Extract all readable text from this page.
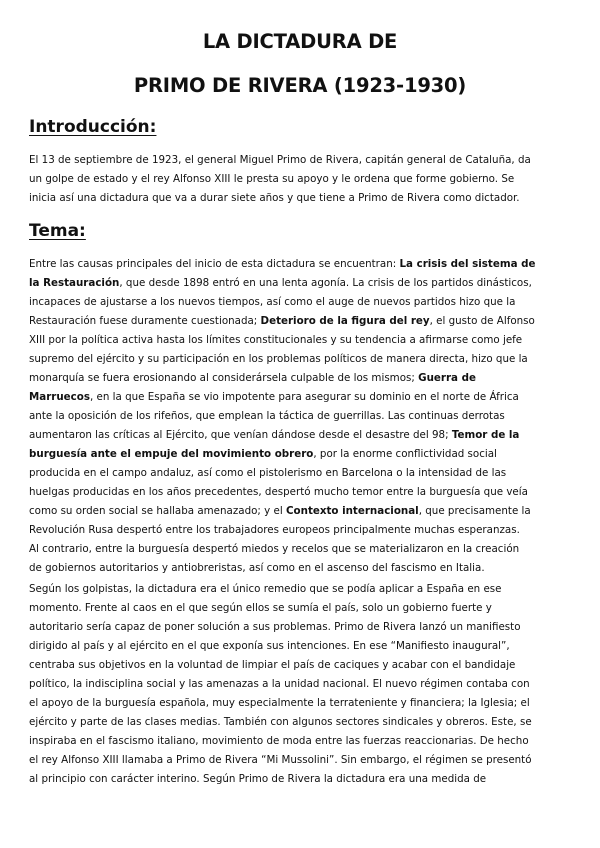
LA DICTADURA DE
PRIMO DE RIVERA (1923-1930)
Introducción:

El 13 de septiembre de 1923, el general Miguel Primo de Rivera, capitán general de Cataluña, da
un golpe de estado y el rey Alfonso XIII le presta su apoyo y le ordena que forme gobierno. Se
inicia así una dictadura que va a durar siete años y que tiene a Primo de Rivera como dictador.

Tema:

Entre las causas principales del inicio de esta dictadura se encuentran: La crisis del sistema de
la Restauración, que desde 1898 entró en una lenta agonía. La crisis de los partidos dinásticos,
incapaces de ajustarse a los nuevos tiempos, así como el auge de nuevos partidos hizo que la
Restauración fuese duramente cuestionada; Deterioro de la figura del rey, el gusto de Alfonso
XIII por la política activa hasta los límites constitucionales y su tendencia a afirmarse como jefe
supremo del ejército y su participación en los problemas políticos de manera directa, hizo que la
monarquía se fuera erosionando al considerársela culpable de los mismos; Guerra de
Marruecos, en la que España se vio impotente para asegurar su dominio en el norte de África
ante la oposición de los rifeños, que emplean la táctica de guerrillas. Las continuas derrotas
aumentaron las críticas al Ejército, que venían dándose desde el desastre del 98; Temor de la
burguesía ante el empuje del movimiento obrero, por la enorme conflictividad social
producida en el campo andaluz, así como el pistolerismo en Barcelona o la intensidad de las
huelgas producidas en los años precedentes, despertó mucho temor entre la burguesía que veía
como su orden social se hallaba amenazado; y el Contexto internacional, que precisamente la
Revolución Rusa despertó entre los trabajadores europeos principalmente muchas esperanzas.
Al contrario, entre la burguesía despertó miedos y recelos que se materializaron en la creación
de gobiernos autoritarios y antiobreristas, así como en el ascenso del fascismo en Italia.

Según los golpistas, la dictadura era el único remedio que se podía aplicar a España en ese
momento. Frente al caos en el que según ellos se sumía el país, solo un gobierno fuerte y
autoritario sería capaz de poner solución a sus problemas. Primo de Rivera lanzó un manifiesto
dirigido al país y al ejército en el que exponía sus intenciones. En ese “Manifiesto inaugural”,
centraba sus objetivos en la voluntad de limpiar el país de caciques y acabar con el bandidaje
político, la indisciplina social y las amenazas a la unidad nacional. El nuevo régimen contaba con
el apoyo de la burguesía española, muy especialmente la terrateniente y financiera; la Iglesia; el
ejército y parte de las clases medias. También con algunos sectores sindicales y obreros. Este, se
inspiraba en el fascismo italiano, movimiento de moda entre las fuerzas reaccionarias. De hecho
el rey Alfonso XIII llamaba a Primo de Rivera “Mi Mussolini”. Sin embargo, el régimen se presentó
al principio con carácter interino. Según Primo de Rivera la dictadura era una medida de
